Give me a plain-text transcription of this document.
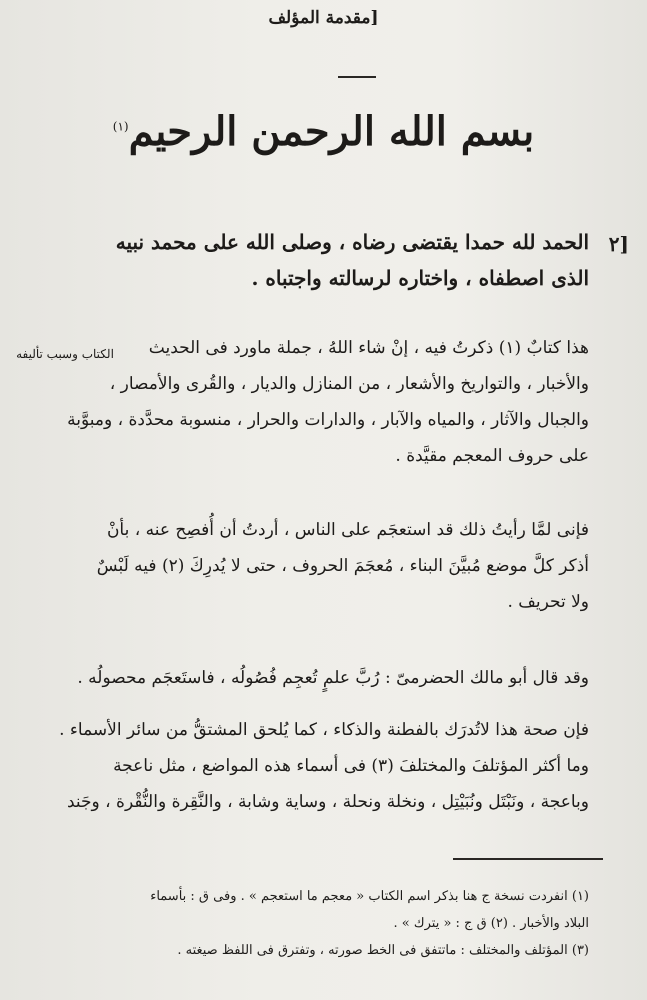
[مقدمة المؤلف
بسم الله الرحمن الرحيم$^{(١)}$
[٢
الحمد لله حمدا يقتضى رضاه ، وصلى الله على محمد نبيه
الذى اصطفاه ، واختاره لرسالته واجتباه .
الكتاب وسبب تأليفه	هذا كتابٌ (١) ذكرتُ فيه ، إنْ شاء اللهُ ، جملة ماورد فى الحديث
والأخبار ، والتواريخ والأشعار ، من المنازل والديار ، والقُرى والأمصار ،
والجبال والآثار ، والمياه والآبار ، والدارات والحرار ، منسوبة محدَّدة ، ومبوَّبة
على حروف المعجم مقيَّدة .
فإنى لمَّا رأيتُ ذلك قد استعجَم على الناس ، أردتُ أن أُفصِح عنه ، بأنْ
أذكر كلَّ موضع مُبيَّنَ البناء ، مُعجَمَ الحروف ، حتى لا يُدرِكَ (٢) فيه لَبْسٌ
ولا تحريف .
وقد قال أبو مالك الحضرمىّ : رُبَّ علمٍ تُعجِم فُصُولُه ، فاستَعجَم محصولُه .
فإن صحة هذا لاتُدرَك بالفطنة والذكاء ، كما يُلحق المشتقُّ من سائر الأسماء .
وما أكثر المؤتلفَ والمختلفَ (٣) فى أسماء هذه المواضع ، مثل ناعجة
وباعجة ، ونَبْتَل ونُبَيْتِل ، ونخلة ونحلة ، وساية وشابة ، والنَّقِرة والنُّقْرة ، وجَند
(١) انفردت نسخة ج هنا بذكر اسم الكتاب « معجم ما استعجم » . وفى ق : بأسماء
البلاد والأخبار . (٢) ق ج : « يترك » .
(٣) المؤتلف والمختلف : ماتتفق فى الخط صورته ، وتفترق فى اللفظ صيغته .
